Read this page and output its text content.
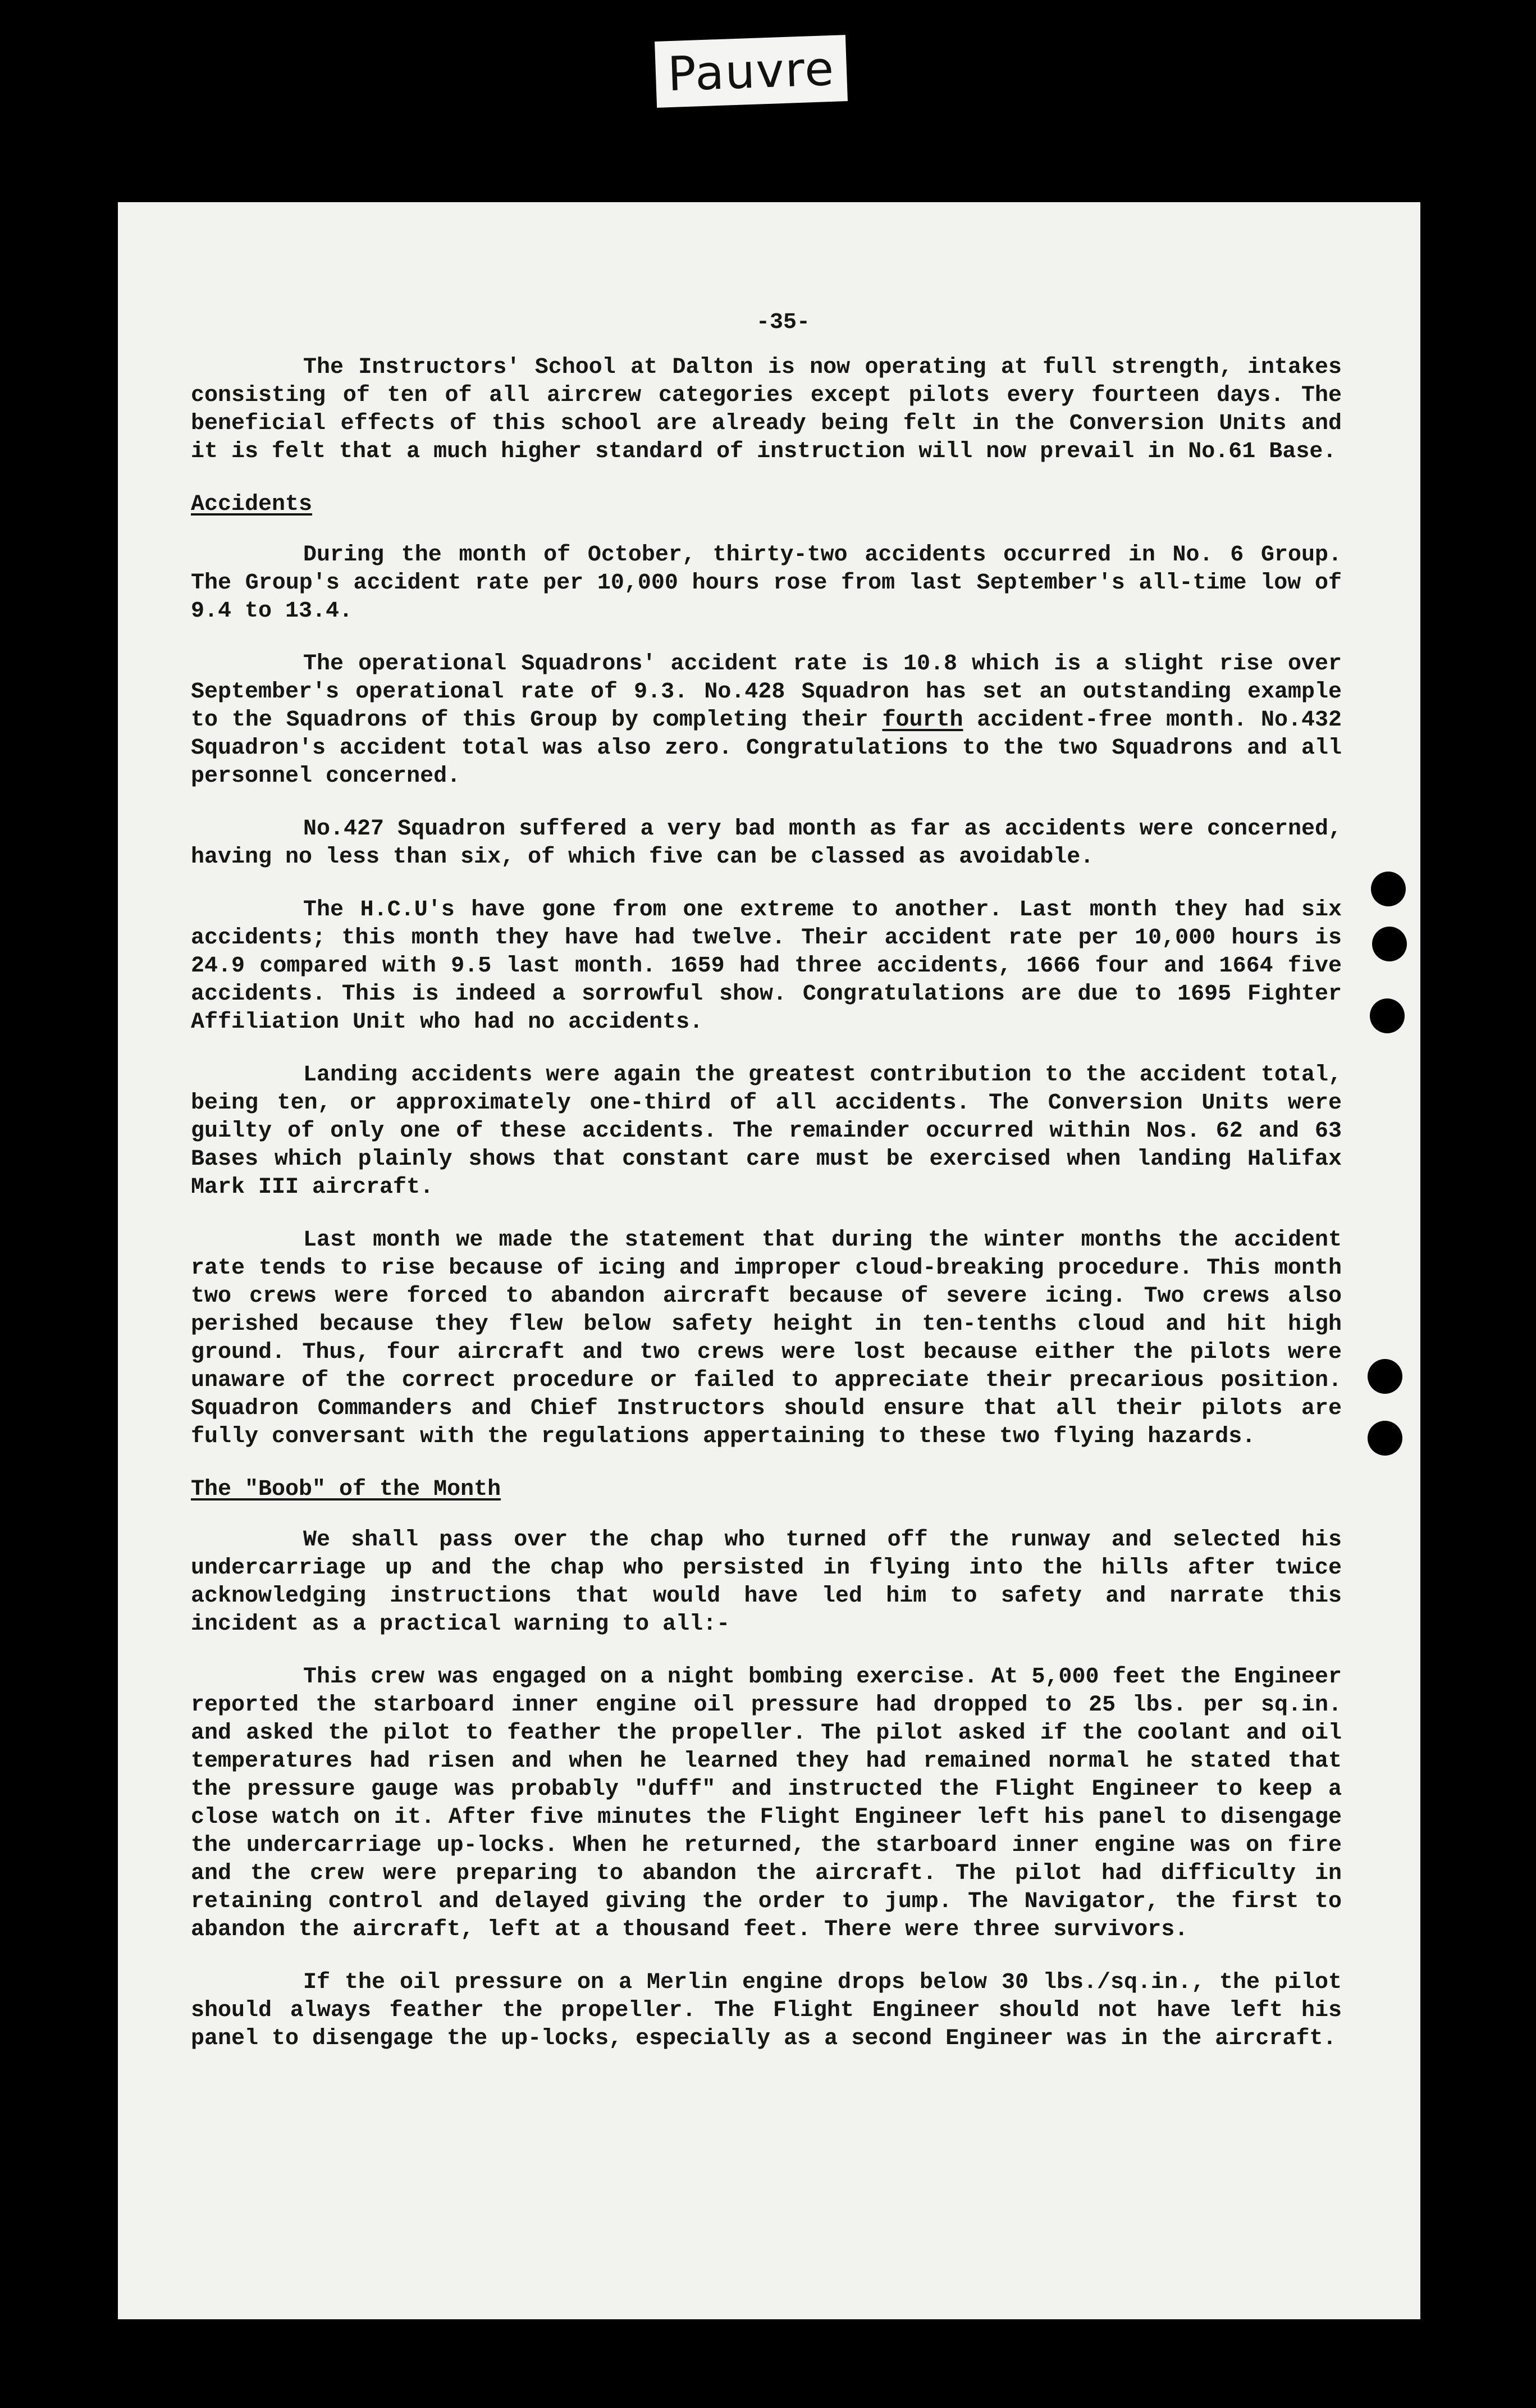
Pauvre
-35-

The Instructors' School at Dalton is now operating at full strength, intakes consisting of ten of all aircrew categories except pilots every fourteen days. The beneficial effects of this school are already being felt in the Conversion Units and it is felt that a much higher standard of instruction will now prevail in No.61 Base.

Accidents

During the month of October, thirty-two accidents occurred in No. 6 Group. The Group's accident rate per 10,000 hours rose from last September's all-time low of 9.4 to 13.4.

The operational Squadrons' accident rate is 10.8 which is a slight rise over September's operational rate of 9.3. No.428 Squadron has set an outstanding example to the Squadrons of this Group by completing their fourth accident-free month. No.432 Squadron's accident total was also zero. Congratulations to the two Squadrons and all personnel concerned.

No.427 Squadron suffered a very bad month as far as accidents were concerned, having no less than six, of which five can be classed as avoidable.

The H.C.U's have gone from one extreme to another. Last month they had six accidents; this month they have had twelve. Their accident rate per 10,000 hours is 24.9 compared with 9.5 last month. 1659 had three accidents, 1666 four and 1664 five accidents. This is indeed a sorrowful show. Congratulations are due to 1695 Fighter Affiliation Unit who had no accidents.

Landing accidents were again the greatest contribution to the accident total, being ten, or approximately one-third of all accidents. The Conversion Units were guilty of only one of these accidents. The remainder occurred within Nos. 62 and 63 Bases which plainly shows that constant care must be exercised when landing Halifax Mark III aircraft.

Last month we made the statement that during the winter months the accident rate tends to rise because of icing and improper cloud-breaking procedure. This month two crews were forced to abandon aircraft because of severe icing. Two crews also perished because they flew below safety height in ten-tenths cloud and hit high ground. Thus, four aircraft and two crews were lost because either the pilots were unaware of the correct procedure or failed to appreciate their precarious position. Squadron Commanders and Chief Instructors should ensure that all their pilots are fully conversant with the regulations appertaining to these two flying hazards.

The "Boob" of the Month

We shall pass over the chap who turned off the runway and selected his undercarriage up and the chap who persisted in flying into the hills after twice acknowledging instructions that would have led him to safety and narrate this incident as a practical warning to all:-

This crew was engaged on a night bombing exercise. At 5,000 feet the Engineer reported the starboard inner engine oil pressure had dropped to 25 lbs. per sq.in. and asked the pilot to feather the propeller. The pilot asked if the coolant and oil temperatures had risen and when he learned they had remained normal he stated that the pressure gauge was probably "duff" and instructed the Flight Engineer to keep a close watch on it. After five minutes the Flight Engineer left his panel to disengage the undercarriage up-locks. When he returned, the starboard inner engine was on fire and the crew were preparing to abandon the aircraft. The pilot had difficulty in retaining control and delayed giving the order to jump. The Navigator, the first to abandon the aircraft, left at a thousand feet. There were three survivors.

If the oil pressure on a Merlin engine drops below 30 lbs./sq.in., the pilot should always feather the propeller. The Flight Engineer should not have left his panel to disengage the up-locks, especially as a second Engineer was in the aircraft.
